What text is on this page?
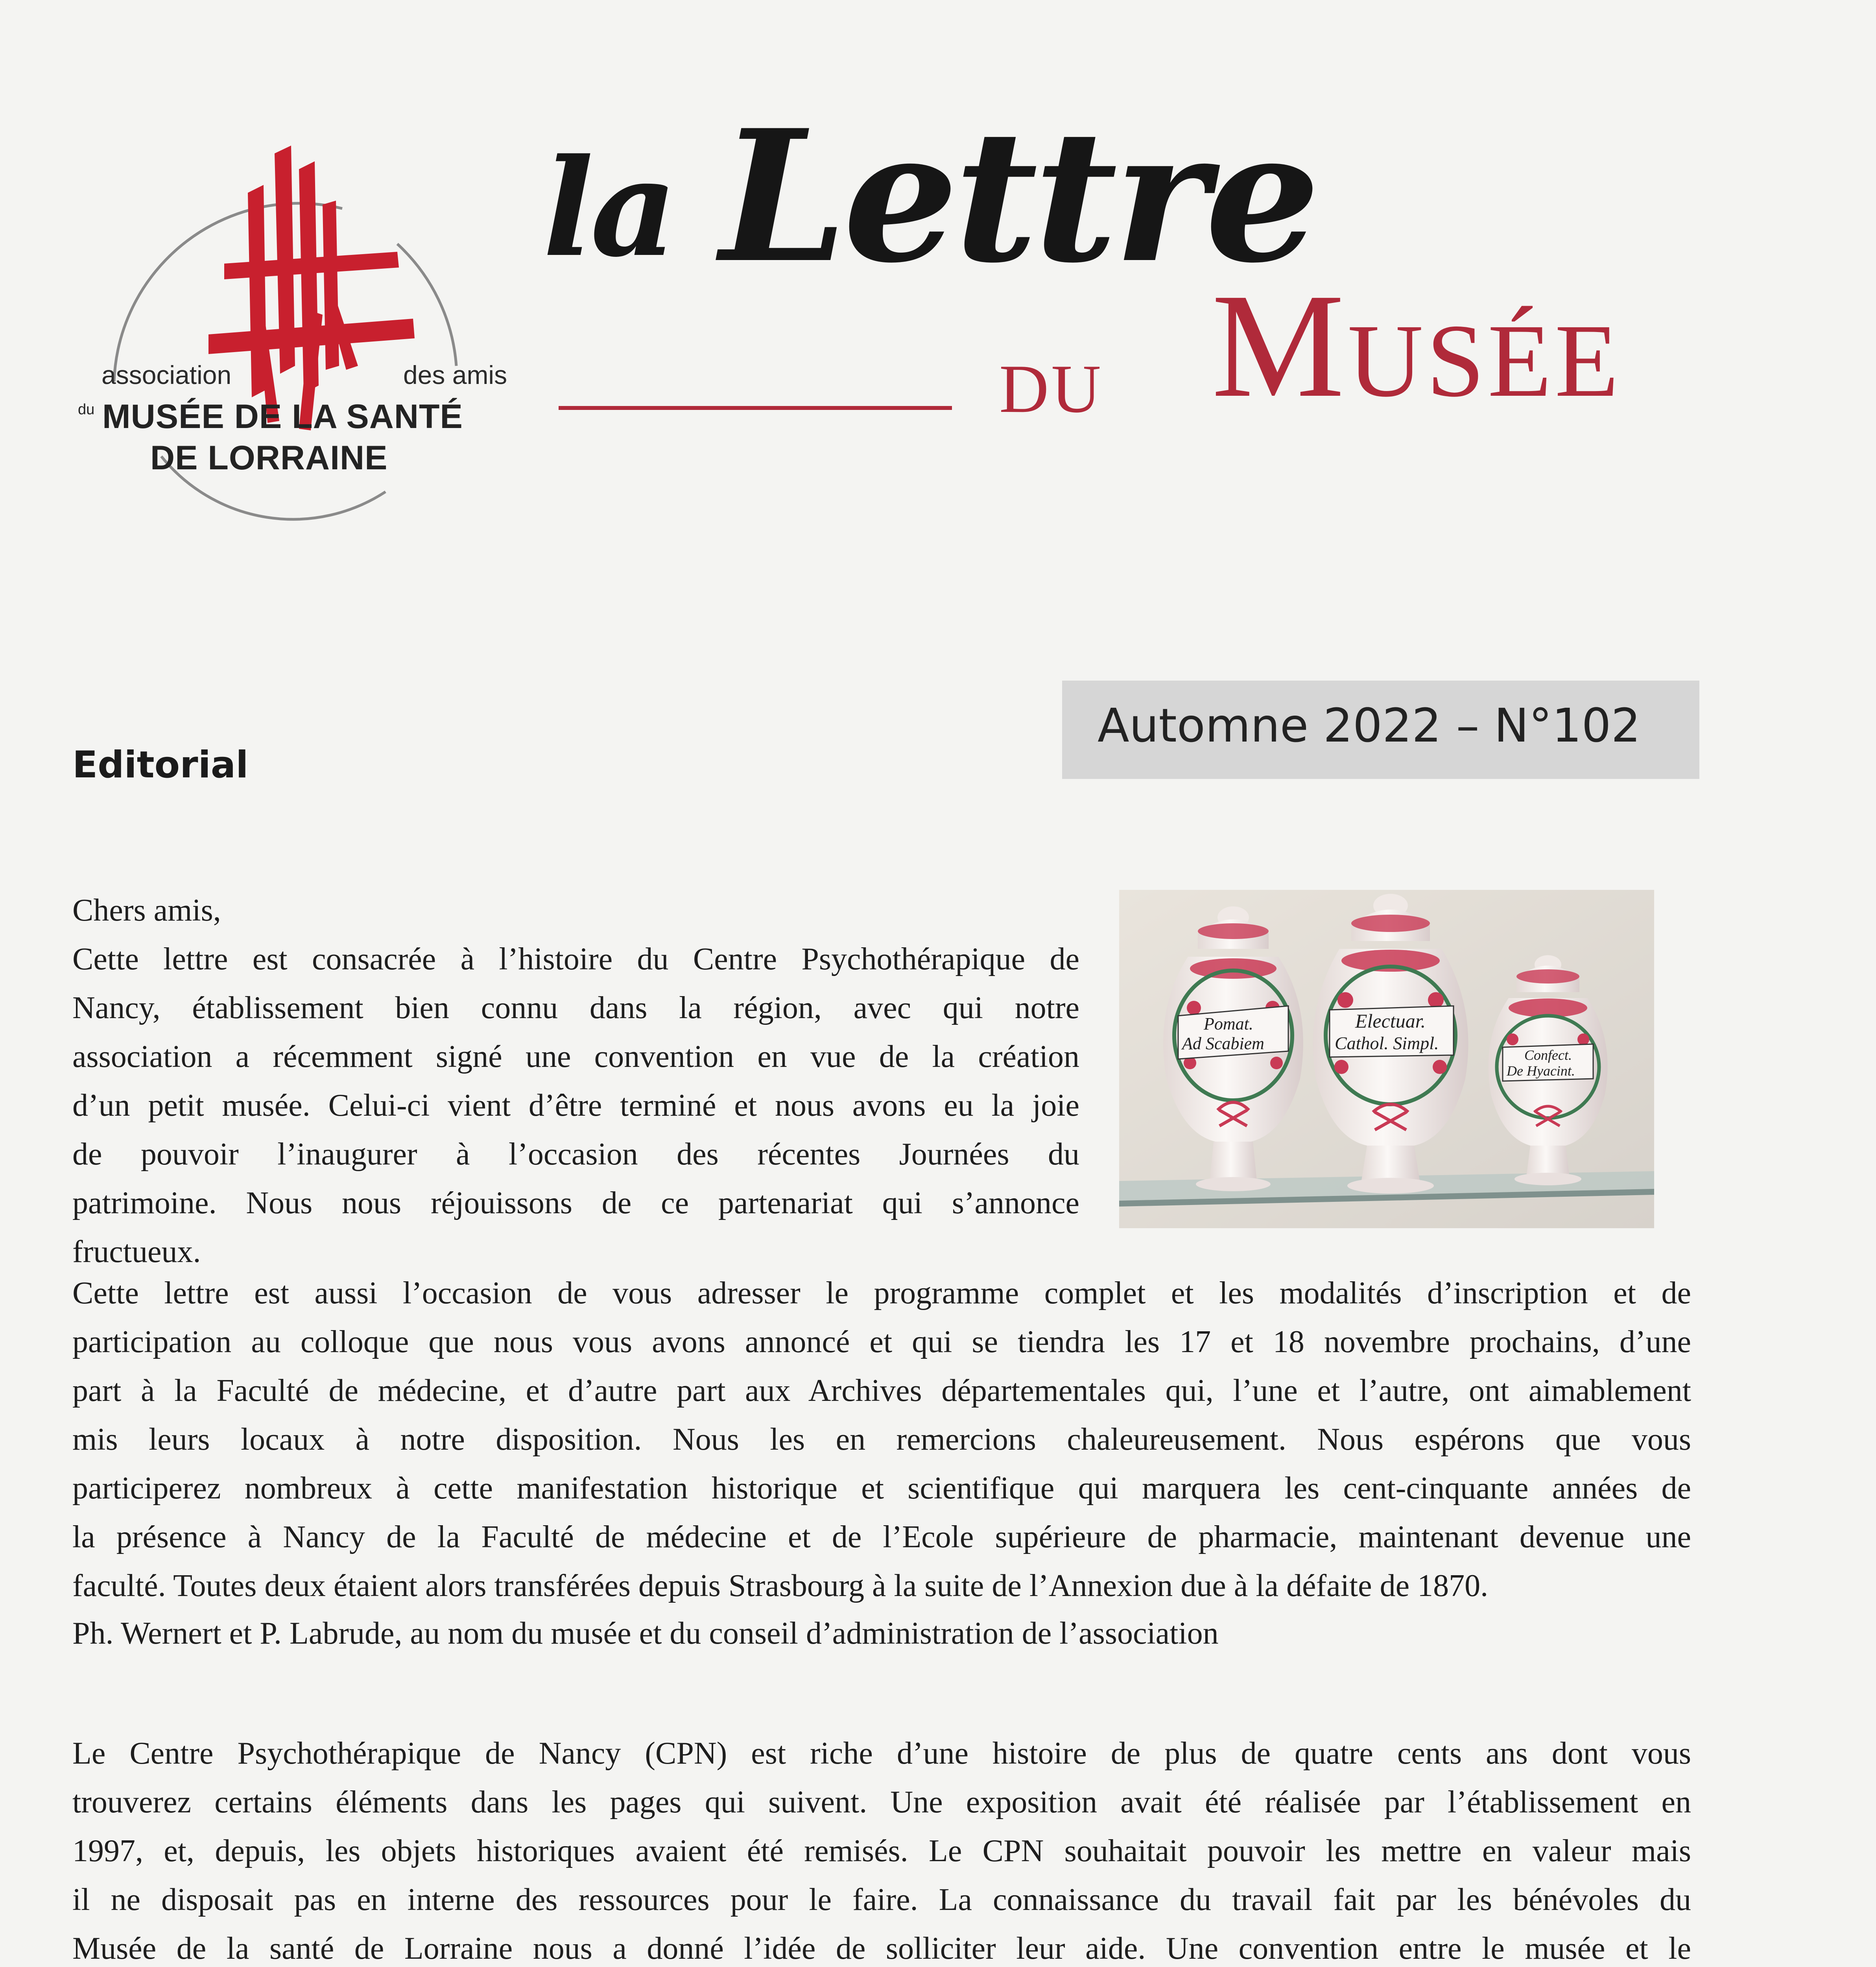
association	des amis
du MUSÉE DE LA SANTÉ
DE LORRAINE
la Lettre
du Musée
Automne 2022 – N°102
Editorial
Pomat.
Ad Scabiem
Electuar.
Cathol. Simpl.
Confect.
De Hyacint.
Chers amis,
Cette lettre est consacrée à l’histoire du Centre Psychothérapique de
Nancy, établissement bien connu dans la région, avec qui notre
association a récemment signé une convention en vue de la création
d’un petit musée. Celui-ci vient d’être terminé et nous avons eu la joie
de pouvoir l’inaugurer à l’occasion des récentes Journées du
patrimoine. Nous nous réjouissons de ce partenariat qui s’annonce
fructueux.
Cette lettre est aussi l’occasion de vous adresser le programme complet et les modalités d’inscription et de
participation au colloque que nous vous avons annoncé et qui se tiendra les 17 et 18 novembre prochains, d’une
part à la Faculté de médecine, et d’autre part aux Archives départementales qui, l’une et l’autre, ont aimablement
mis leurs locaux à notre disposition. Nous les en remercions chaleureusement. Nous espérons que vous
participerez nombreux à cette manifestation historique et scientifique qui marquera les cent-cinquante années de
la présence à Nancy de la Faculté de médecine et de l’Ecole supérieure de pharmacie, maintenant devenue une
faculté. Toutes deux étaient alors transférées depuis Strasbourg à la suite de l’Annexion due à la défaite de 1870.
Ph. Wernert et P. Labrude, au nom du musée et du conseil d’administration de l’association
Le Centre Psychothérapique de Nancy (CPN) est riche d’une histoire de plus de quatre cents ans dont vous
trouverez certains éléments dans les pages qui suivent. Une exposition avait été réalisée par l’établissement en
1997, et, depuis, les objets historiques avaient été remisés. Le CPN souhaitait pouvoir les mettre en valeur mais
il ne disposait pas en interne des ressources pour le faire. La connaissance du travail fait par les bénévoles du
Musée de la santé de Lorraine nous a donné l’idée de solliciter leur aide. Une convention entre le musée et le
